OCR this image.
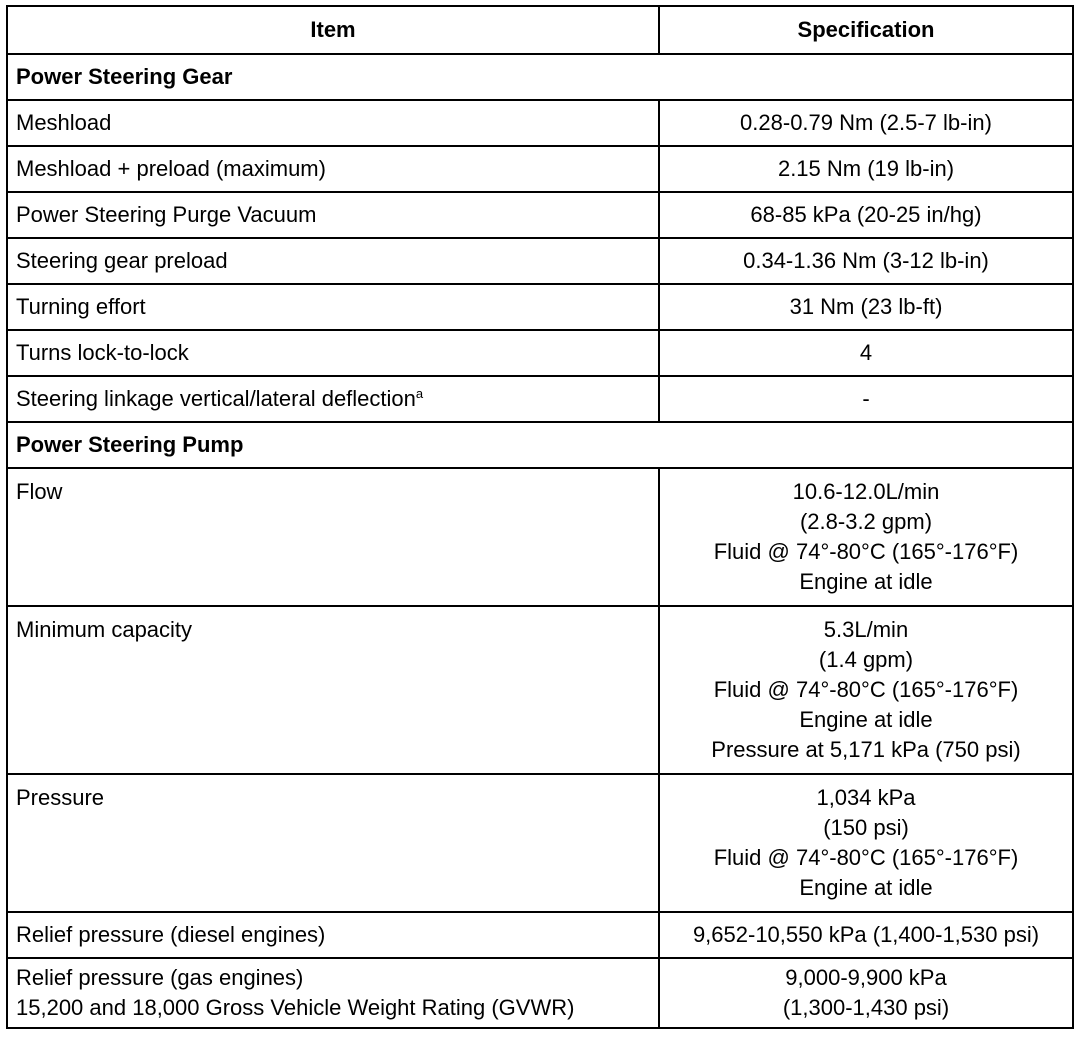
Item	Specification
Power Steering Gear	
Meshload	0.28-0.79 Nm (2.5-7 lb-in)
Meshload + preload (maximum)	2.15 Nm (19 lb-in)
Power Steering Purge Vacuum	68-85 kPa (20-25 in/hg)
Steering gear preload	0.34-1.36 Nm (3-12 lb-in)
Turning effort	31 Nm (23 lb-ft)
Turns lock-to-lock	4
Steering linkage vertical/lateral deflection$^a$	-
Power Steering Pump	
Flow	10.6-12.0L/min
(2.8-3.2 gpm)
Fluid @ 74°-80°C (165°-176°F)
Engine at idle

Minimum capacity	5.3L/min
(1.4 gpm)
Fluid @ 74°-80°C (165°-176°F)
Engine at idle
Pressure at 5,171 kPa (750 psi)

Pressure	1,034 kPa
(150 psi)
Fluid @ 74°-80°C (165°-176°F)
Engine at idle

Relief pressure (diesel engines)	9,652-10,550 kPa (1,400-1,530 psi)

Relief pressure (gas engines)
15,200 and 18,000 Gross Vehicle Weight Rating (GVWR)	9,000-9,900 kPa
(1,300-1,430 psi)
